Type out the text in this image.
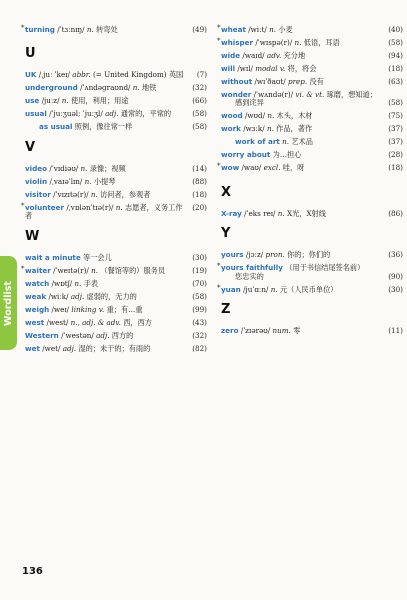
* turning /ˈtɜːnɪŋ/ n. 转弯处	(49)
U
UK /ˌjuː ˈkeɪ/ abbr. (= United Kingdom) 英国 (7)
underground /ˈʌndəɡraʊnd/ n. 地铁	(32)
use /juːz/ n. 使用，利用；用途	(66)
usual /ˈjuːʒuəl; ˈjuːʒl/ adj. 通常的，平常的	(58)
as usual 照例，像往常一样	(58)
V
video /ˈvɪdiəʊ/ n. 录像；视频	(14)
violin /ˌvaɪəˈlɪn/ n. 小提琴	(88)
visitor /ˈvɪzɪtə(r)/ n. 访问者，参观者	(18)
* volunteer /ˌvɒlənˈtɪə(r)/ n. 志愿者，义务工作者
(20)
W
wait a minute 等一会儿	(30)
* waiter /ˈweɪtə(r)/ n. （餐馆等的）服务员	(19)
watch /wɒtʃ/ n. 手表	(70)
weak /wiːk/ adj. 虚弱的，无力的	(58)
weigh /weɪ/ linking v. 重；有…重	(99)
west /west/ n., adj. & adv. 西，西方	(43)
Western /ˈwestən/ adj. 西方的	(32)
wet /wet/ adj. 湿的；未干的；有雨的	(82)
* wheat /wiːt/ n. 小麦	(40)
* whisper /ˈwɪspə(r)/ n. 低语，耳语	(58)
wide /waɪd/ adv. 充分地	(94)
will /wɪl/ modal v. 将，将会	(18)
without /wɪˈðaʊt/ prep. 没有	(63)
wonder /ˈwʌndə(r)/ vi. & vt. 琢磨，想知道；
感到诧异	(58)
wood /wʊd/ n. 木头，木材	(75)
work /wɜːk/ n. 作品，著作	(37)
work of art n. 艺术品	(37)
worry about 为…担心	(28)
* wow /waʊ/ excl. 哇，呀	(18)
X
X-ray /ˈeks reɪ/ n. X光，X射线	(86)
Y
yours /jɔːz/ pron. 你的；你们的	(36)
* yours faithfully （用于书信结尾签名前）
您忠实的	(90)
* yuan /juˈɑːn/ n. 元（人民币单位）	(30)
Z
zero /ˈzɪərəʊ/ num. 零	(11)
Wordlist
136
